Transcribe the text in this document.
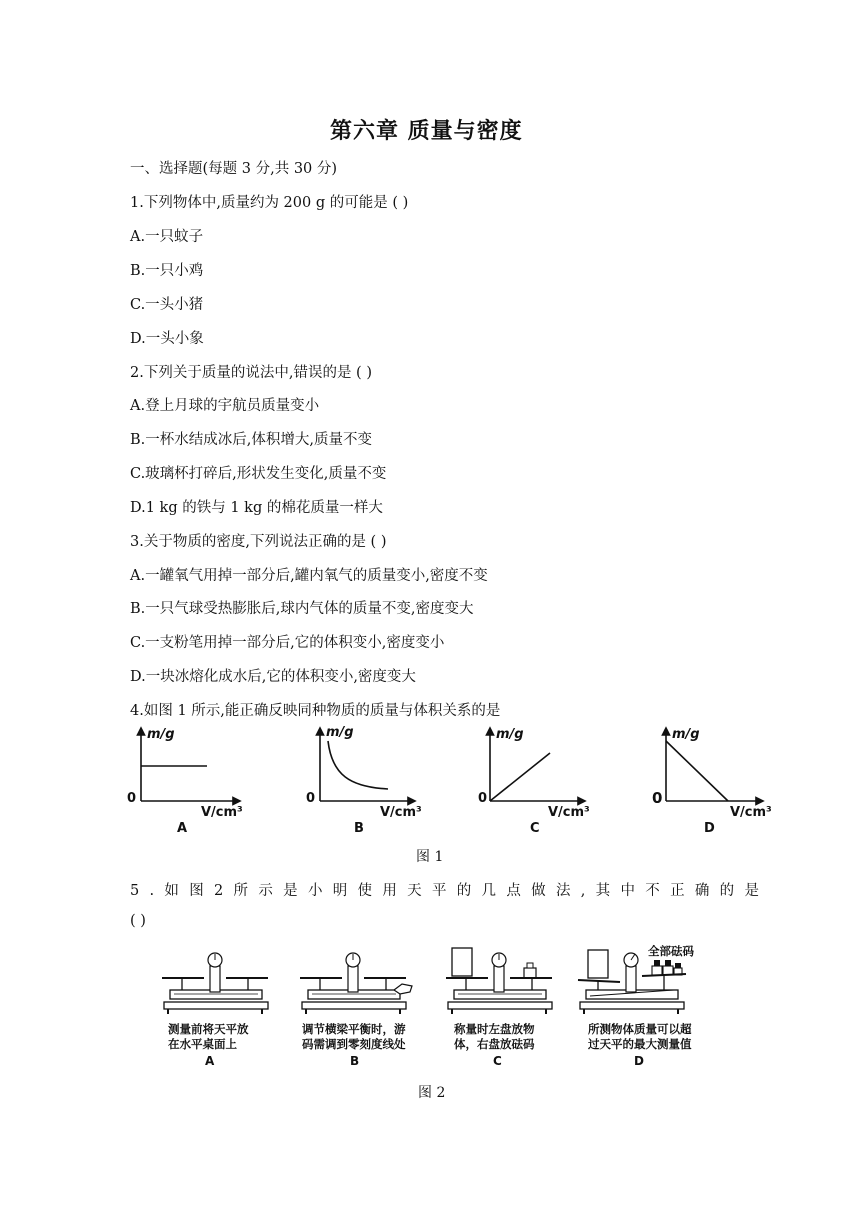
第六章 质量与密度
一、选择题(每题 3 分,共 30 分)
1.下列物体中,质量约为 200 g 的可能是 ( )
A.一只蚊子
B.一只小鸡
C.一头小猪
D.一头小象
2.下列关于质量的说法中,错误的是 ( )
A.登上月球的宇航员质量变小
B.一杯水结成冰后,体积增大,质量不变
C.玻璃杯打碎后,形状发生变化,质量不变
D.1 kg 的铁与 1 kg 的棉花质量一样大
3.关于物质的密度,下列说法正确的是 ( )
A.一罐氧气用掉一部分后,罐内氧气的质量变小,密度不变
B.一只气球受热膨胀后,球内气体的质量不变,密度变大
C.一支粉笔用掉一部分后,它的体积变小,密度变小
D.一块冰熔化成水后,它的体积变小,密度变大
4.如图 1 所示,能正确反映同种物质的质量与体积关系的是
m/g
0
V/cm³
A
m/g
0
V/cm³
B
m/g
0
V/cm³
C
m/g
0
V/cm³
D
图 1
5.如图2所示是小明使用天平的几点做法,其中不正确的是
( )
测量前将天平放
在水平桌面上
A
调节横梁平衡时，游
码需调到零刻度线处
B
称量时左盘放物
体，右盘放砝码
C
全部砝码
所测物体质量可以超
过天平的最大测量值
D
图 2
